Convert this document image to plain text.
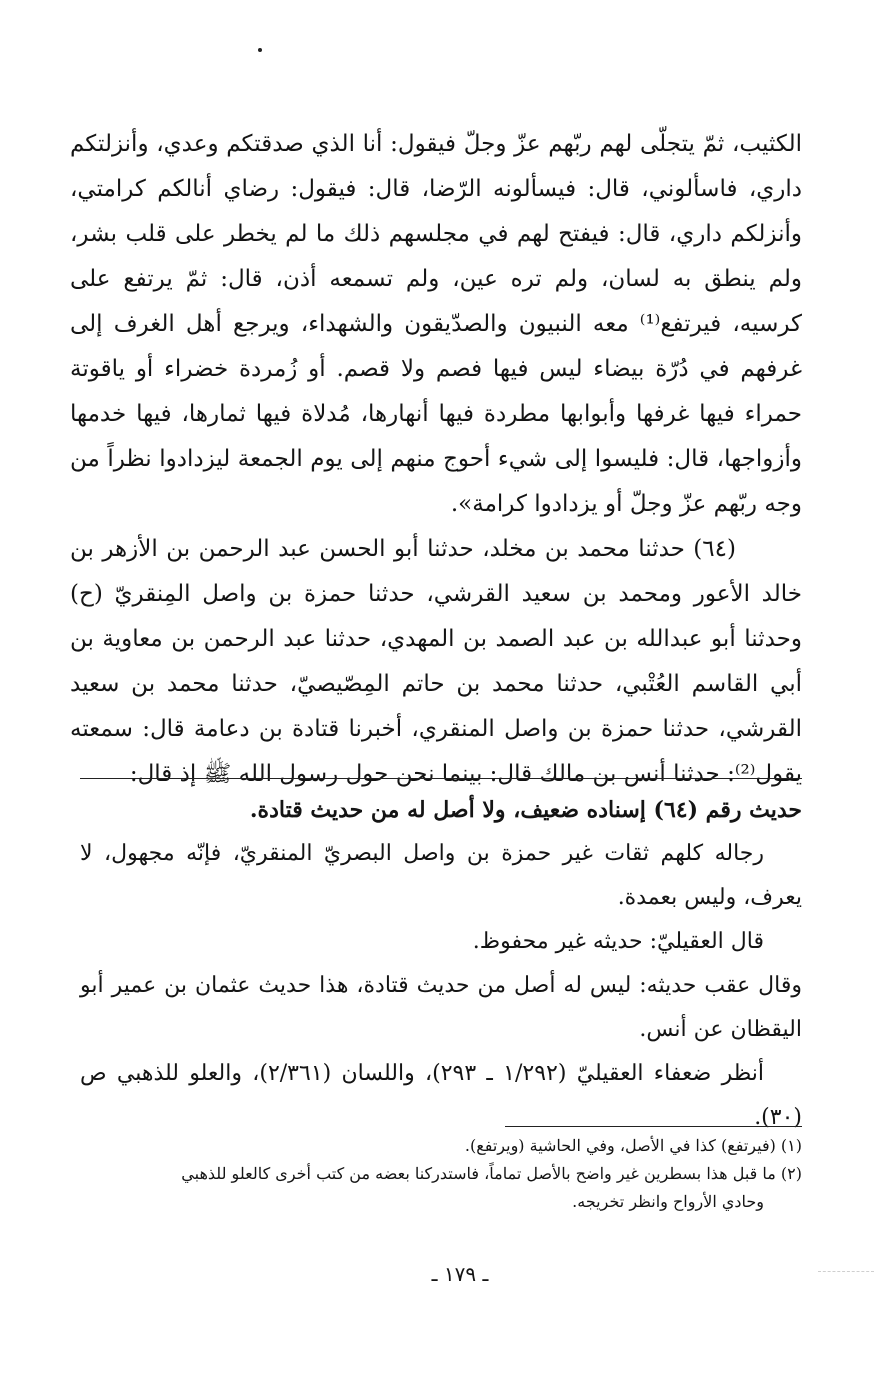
الكثيب، ثمّ يتجلّى لهم ربّهم عزّ وجلّ فيقول: أنا الذي صدقتكم وعدي، وأنزلتكم داري، فاسألوني، قال: فيسألونه الرّضا، قال: فيقول: رضاي أنالكم كرامتي، وأنزلكم داري، قال: فيفتح لهم في مجلسهم ذلك ما لم يخطر على قلب بشر، ولم ينطق به لسان، ولم تره عين، ولم تسمعه أذن، قال: ثمّ يرتفع على كرسيه، فيرتفع⁽¹⁾ معه النبيون والصدّيقون والشهداء، ويرجع أهل الغرف إلى غرفهم في دُرّة بيضاء ليس فيها فصم ولا قصم. أو زُمردة خضراء أو ياقوتة حمراء فيها غرفها وأبوابها مطردة فيها أنهارها، مُدلاة فيها ثمارها، فيها خدمها وأزواجها، قال: فليسوا إلى شيء أحوج منهم إلى يوم الجمعة ليزدادوا نظراً من وجه ربّهم عزّ وجلّ أو يزدادوا كرامة».

(٦٤) حدثنا محمد بن مخلد، حدثنا أبو الحسن عبد الرحمن بن الأزهر بن خالد الأعور ومحمد بن سعيد القرشي، حدثنا حمزة بن واصل المِنقريّ (ح) وحدثنا أبو عبدالله بن عبد الصمد بن المهدي، حدثنا عبد الرحمن بن معاوية بن أبي القاسم العُتْبي، حدثنا محمد بن حاتم المِصّيصيّ، حدثنا محمد بن سعيد القرشي، حدثنا حمزة بن واصل المنقري، أخبرنا قتادة بن دعامة قال: سمعته يقول⁽²⁾: حدثنا أنس بن مالك قال: بينما نحن حول رسول الله ﷺ إذ قال:

حديث رقم (٦٤) إسناده ضعيف، ولا أصل له من حديث قتادة.

رجاله كلهم ثقات غير حمزة بن واصل البصريّ المنقريّ، فإنّه مجهول، لا يعرف، وليس بعمدة.

قال العقيليّ: حديثه غير محفوظ.

وقال عقب حديثه: ليس له أصل من حديث قتادة، هذا حديث عثمان بن عمير أبو اليقظان عن أنس.

أنظر ضعفاء العقيليّ (١/٢٩٢ ـ ٢٩٣)، واللسان (٢/٣٦١)، والعلو للذهبي ص (٣٠).

(١) (فيرتفع) كذا في الأصل، وفي الحاشية (ويرتفع).

(٢) ما قبل هذا بسطرين غير واضح بالأصل تماماً، فاستدركنا بعضه من كتب أخرى كالعلو للذهبي

وحادي الأرواح وانظر تخريجه.

ـ ١٧٩ ـ
